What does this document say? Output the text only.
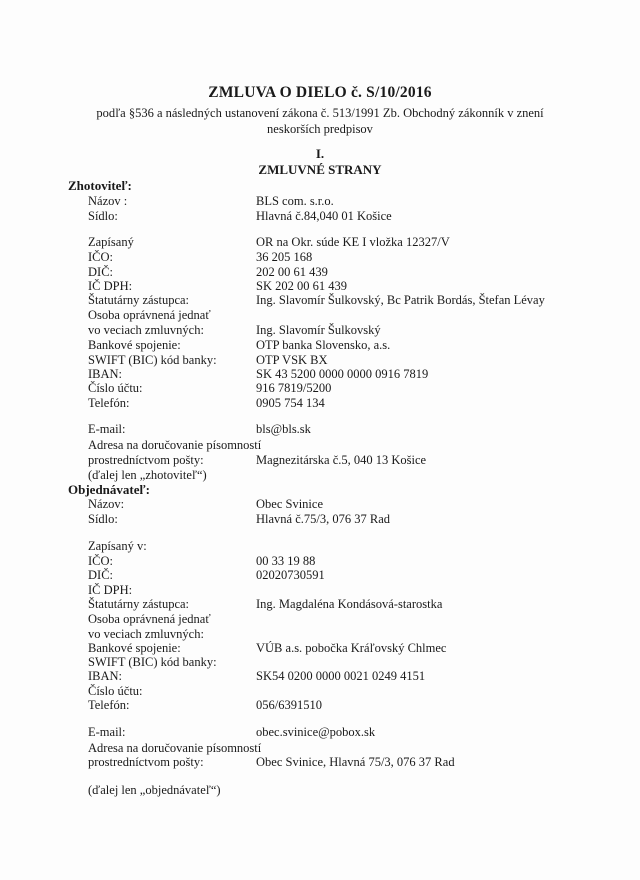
ZMLUVA O DIELO č. S/10/2016
podľa §536 a následných ustanovení zákona č. 513/1991 Zb. Obchodný zákonník v znení neskorších predpisov
I.
ZMLUVNÉ STRANY
Zhotoviteľ:
Názov :	BLS com. s.r.o.
Sídlo:	Hlavná č.84,040 01 Košice
Zapísaný	OR na Okr. súde KE I vložka 12327/V
IČO:	36 205 168
DIČ:	202 00 61 439
IČ DPH:	SK 202 00 61 439
Štatutárny zástupca:	Ing. Slavomír Šulkovský, Bc Patrik Bordás, Štefan Lévay
Osoba oprávnená jednať
vo veciach zmluvných:	Ing. Slavomír Šulkovský
Bankové spojenie:	OTP banka Slovensko, a.s.
SWIFT (BIC) kód banky:	OTP VSK BX
IBAN:	SK 43 5200 0000 0000 0916 7819
Číslo účtu:	916 7819/5200
Telefón:	0905 754 134
E-mail:	bls@bls.sk
Adresa na doručovanie písomností
prostredníctvom pošty:	Magnezitárska č.5, 040 13 Košice
(ďalej len „zhotoviteľ“)
Objednávateľ:
Názov:	Obec Svinice
Sídlo:	Hlavná č.75/3, 076 37 Rad
Zapísaný v:
IČO:	00 33 19 88
DIČ:	02020730591
IČ DPH:
Štatutárny zástupca:	Ing. Magdaléna Kondásová-starostka
Osoba oprávnená jednať
vo veciach zmluvných:
Bankové spojenie:	VÚB a.s. pobočka Kráľovský Chlmec
SWIFT (BIC) kód banky:
IBAN:	SK54 0200 0000 0021 0249 4151
Číslo účtu:
Telefón:	056/6391510
E-mail:	obec.svinice@pobox.sk
Adresa na doručovanie písomností
prostredníctvom pošty:	Obec Svinice, Hlavná 75/3, 076 37 Rad
(ďalej len „objednávateľ“)
